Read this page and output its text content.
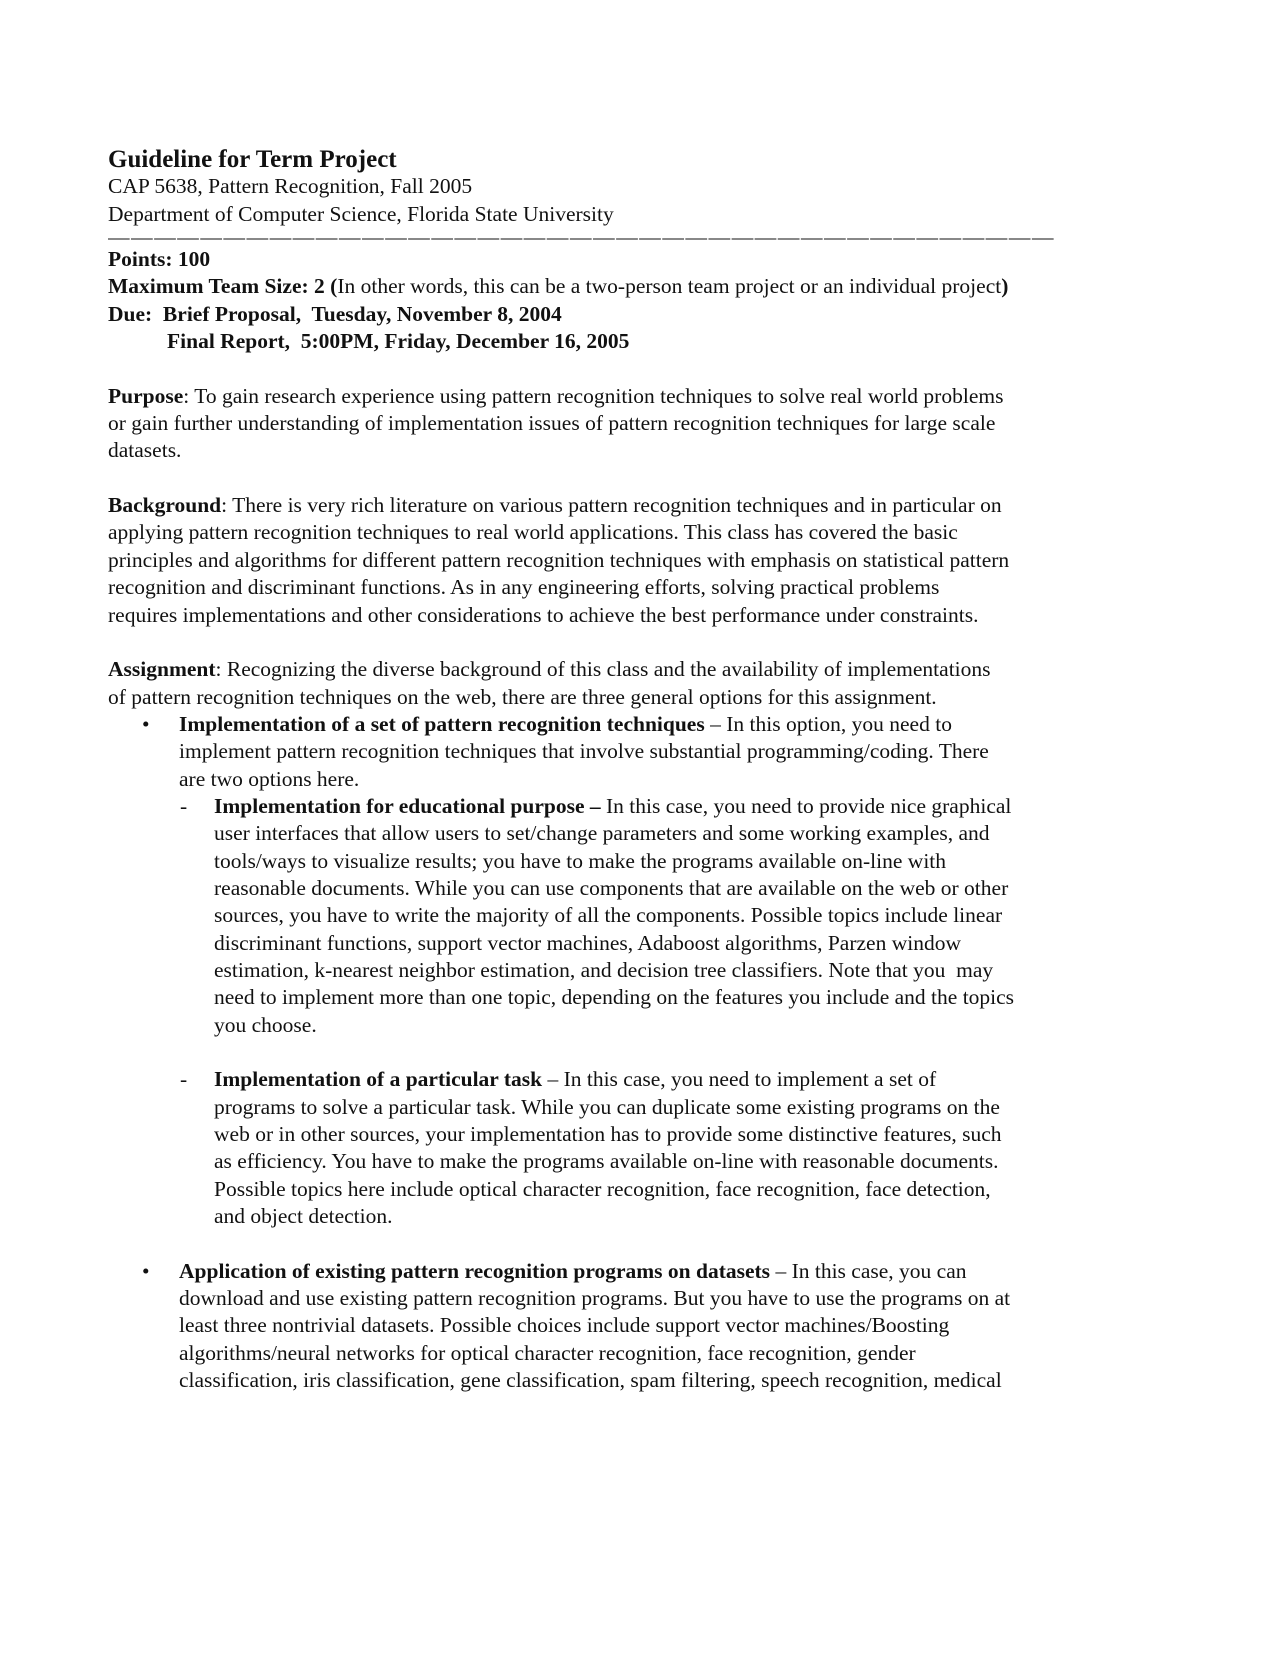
Guideline for Term Project
CAP 5638, Pattern Recognition, Fall 2005
Department of Computer Science, Florida State University
—————————————————————————————————————————
Points: 100
Maximum Team Size: 2 (In other words, this can be a two-person team project or an individual project)
Due:  Brief Proposal,  Tuesday, November 8, 2004
Final Report,  5:00PM, Friday, December 16, 2005
Purpose: To gain research experience using pattern recognition techniques to solve real world problems
or gain further understanding of implementation issues of pattern recognition techniques for large scale
datasets.
Background: There is very rich literature on various pattern recognition techniques and in particular on
applying pattern recognition techniques to real world applications. This class has covered the basic
principles and algorithms for different pattern recognition techniques with emphasis on statistical pattern
recognition and discriminant functions. As in any engineering efforts, solving practical problems
requires implementations and other considerations to achieve the best performance under constraints.
Assignment: Recognizing the diverse background of this class and the availability of implementations
of pattern recognition techniques on the web, there are three general options for this assignment.
• Implementation of a set of pattern recognition techniques – In this option, you need to
implement pattern recognition techniques that involve substantial programming/coding. There
are two options here.
- Implementation for educational purpose – In this case, you need to provide nice graphical
user interfaces that allow users to set/change parameters and some working examples, and
tools/ways to visualize results; you have to make the programs available on-line with
reasonable documents. While you can use components that are available on the web or other
sources, you have to write the majority of all the components. Possible topics include linear
discriminant functions, support vector machines, Adaboost algorithms, Parzen window
estimation, k-nearest neighbor estimation, and decision tree classifiers. Note that you  may
need to implement more than one topic, depending on the features you include and the topics
you choose.
- Implementation of a particular task – In this case, you need to implement a set of
programs to solve a particular task. While you can duplicate some existing programs on the
web or in other sources, your implementation has to provide some distinctive features, such
as efficiency. You have to make the programs available on-line with reasonable documents.
Possible topics here include optical character recognition, face recognition, face detection,
and object detection.
• Application of existing pattern recognition programs on datasets – In this case, you can
download and use existing pattern recognition programs. But you have to use the programs on at
least three nontrivial datasets. Possible choices include support vector machines/Boosting
algorithms/neural networks for optical character recognition, face recognition, gender
classification, iris classification, gene classification, spam filtering, speech recognition, medical
